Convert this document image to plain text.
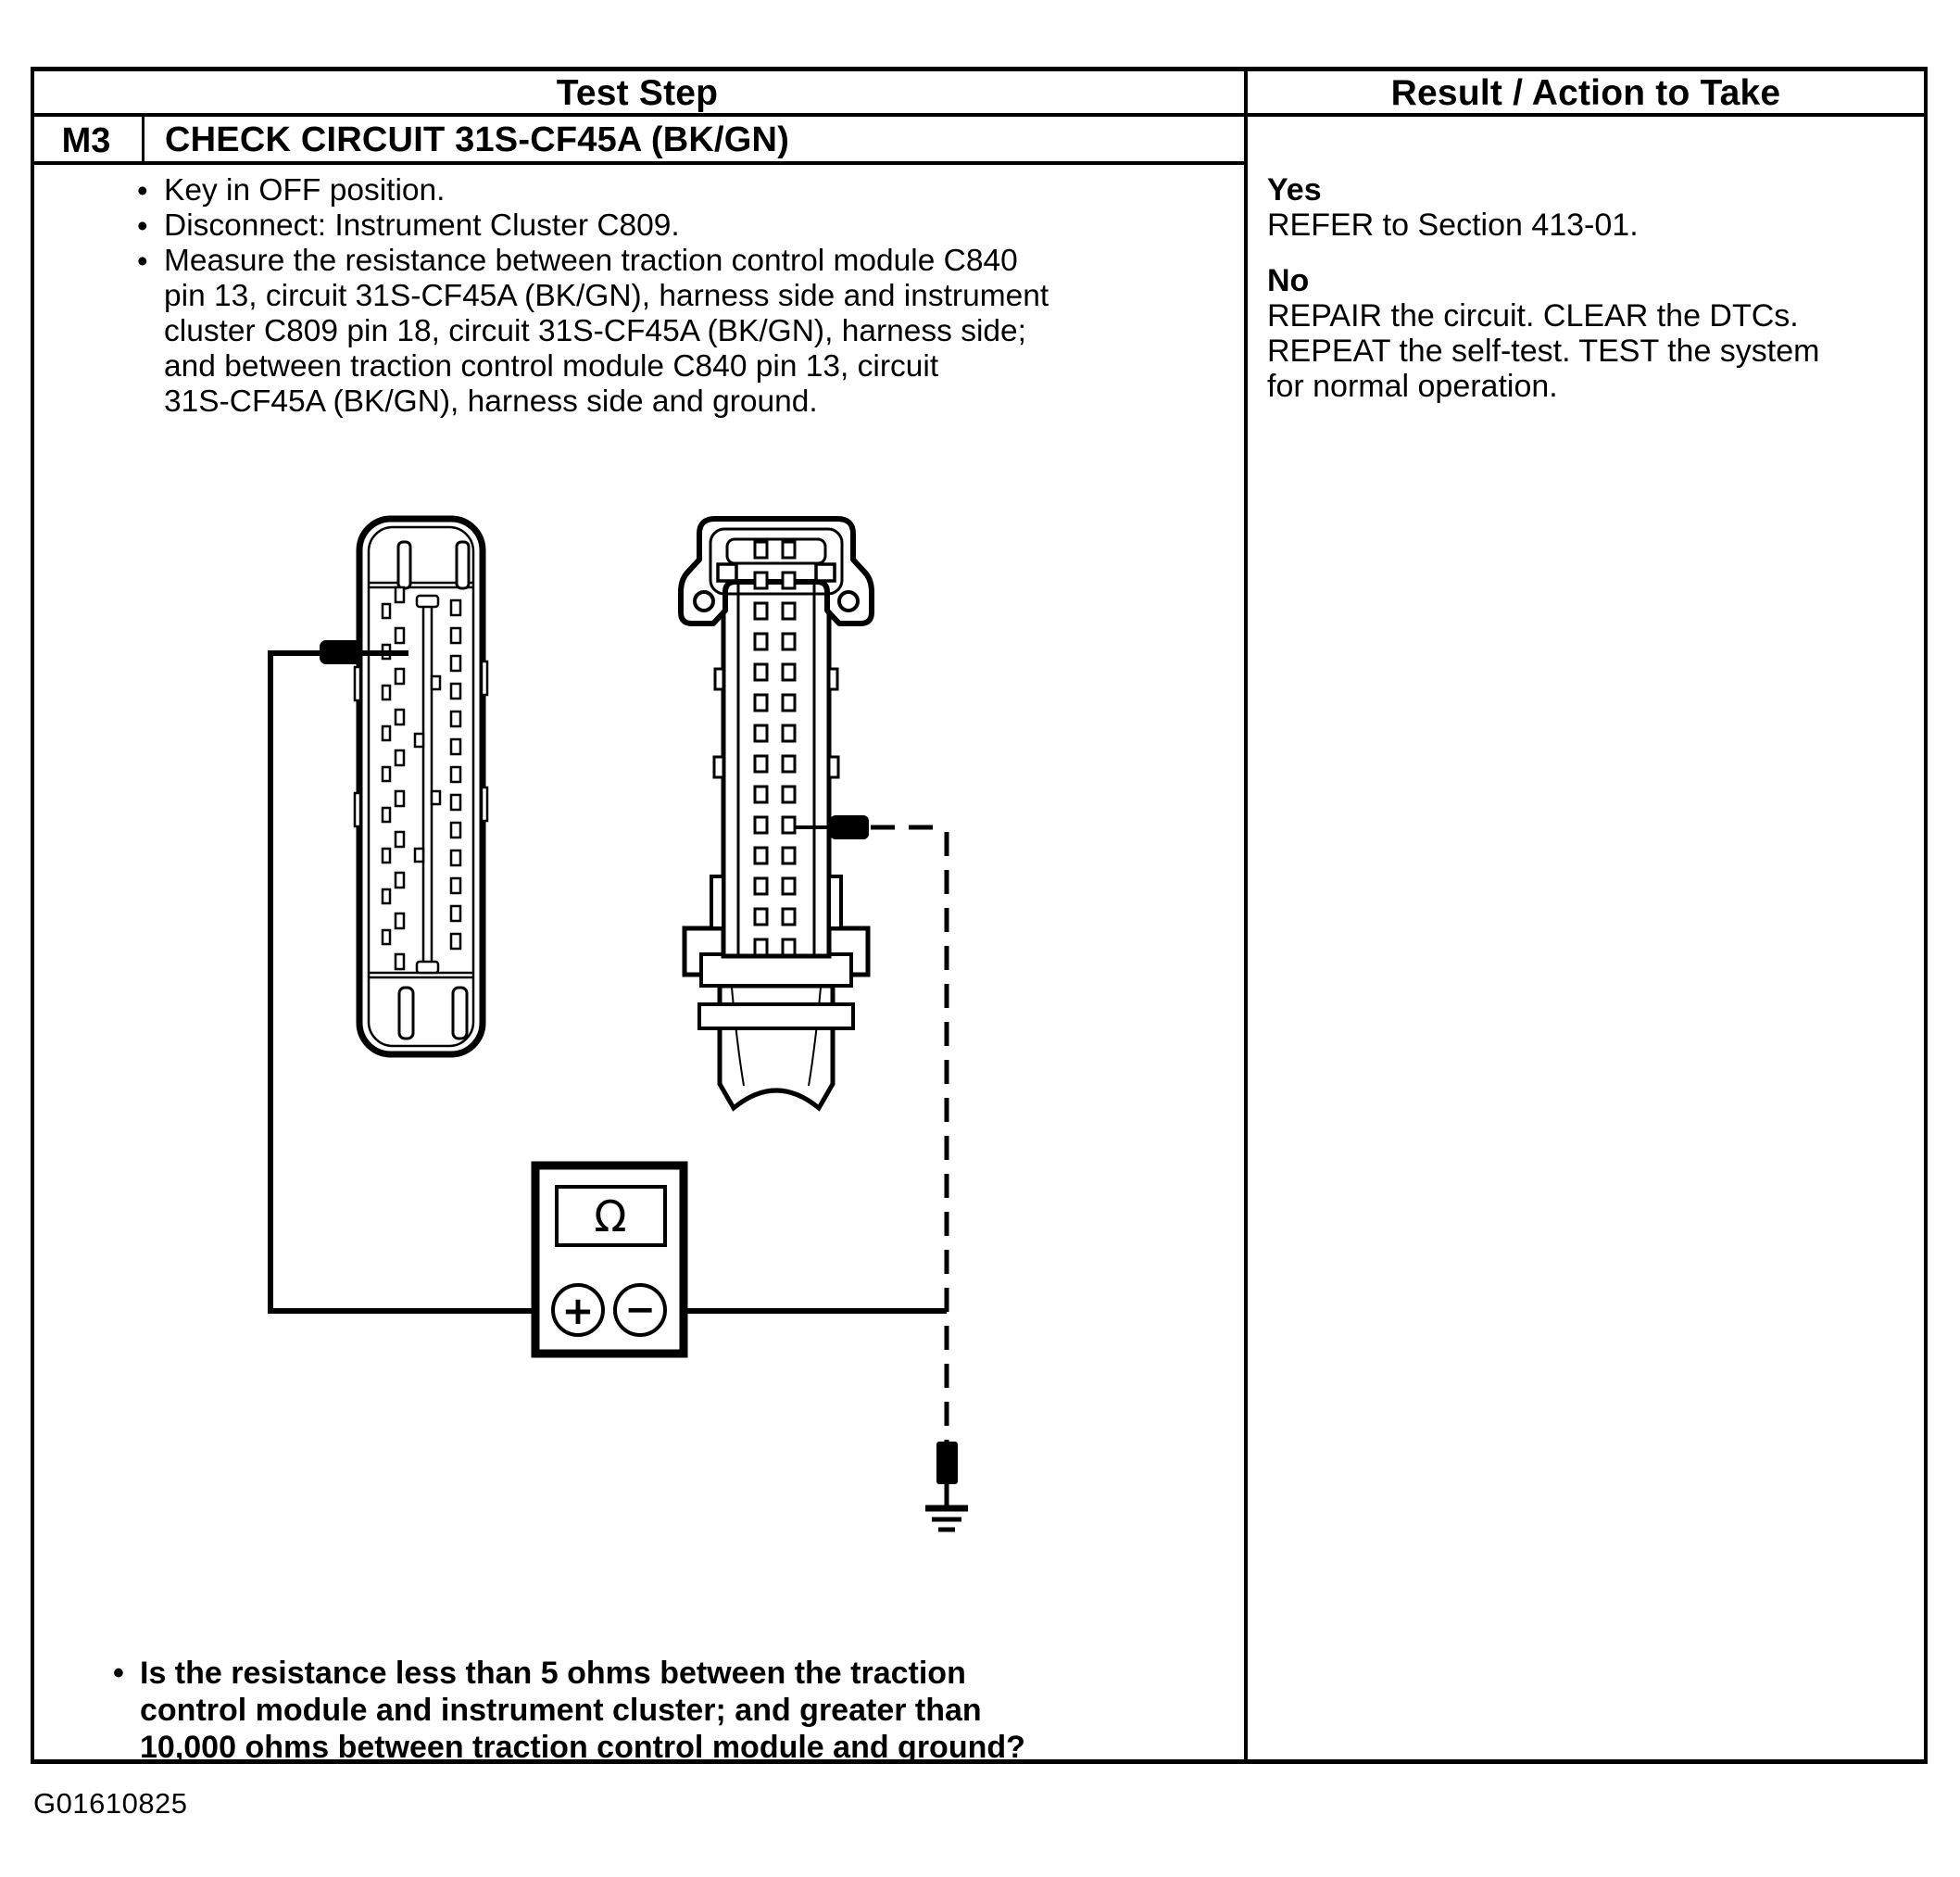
Test Step	Result / Action to Take
M3	CHECK CIRCUIT 31S-CF45A (BK/GN)
• Key in OFF position.
• Disconnect: Instrument Cluster C809.
• Measure the resistance between traction control module C840
pin 13, circuit 31S-CF45A (BK/GN), harness side and instrument
cluster C809 pin 18, circuit 31S-CF45A (BK/GN), harness side;
and between traction control module C840 pin 13, circuit
31S-CF45A (BK/GN), harness side and ground.
• Is the resistance less than 5 ohms between the traction
control module and instrument cluster; and greater than
10,000 ohms between traction control module and ground?
Yes
REFER to Section 413-01.
No
REPAIR the circuit. CLEAR the DTCs.
REPEAT the self-test. TEST the system
for normal operation.
G01610825
Ω
+ −
